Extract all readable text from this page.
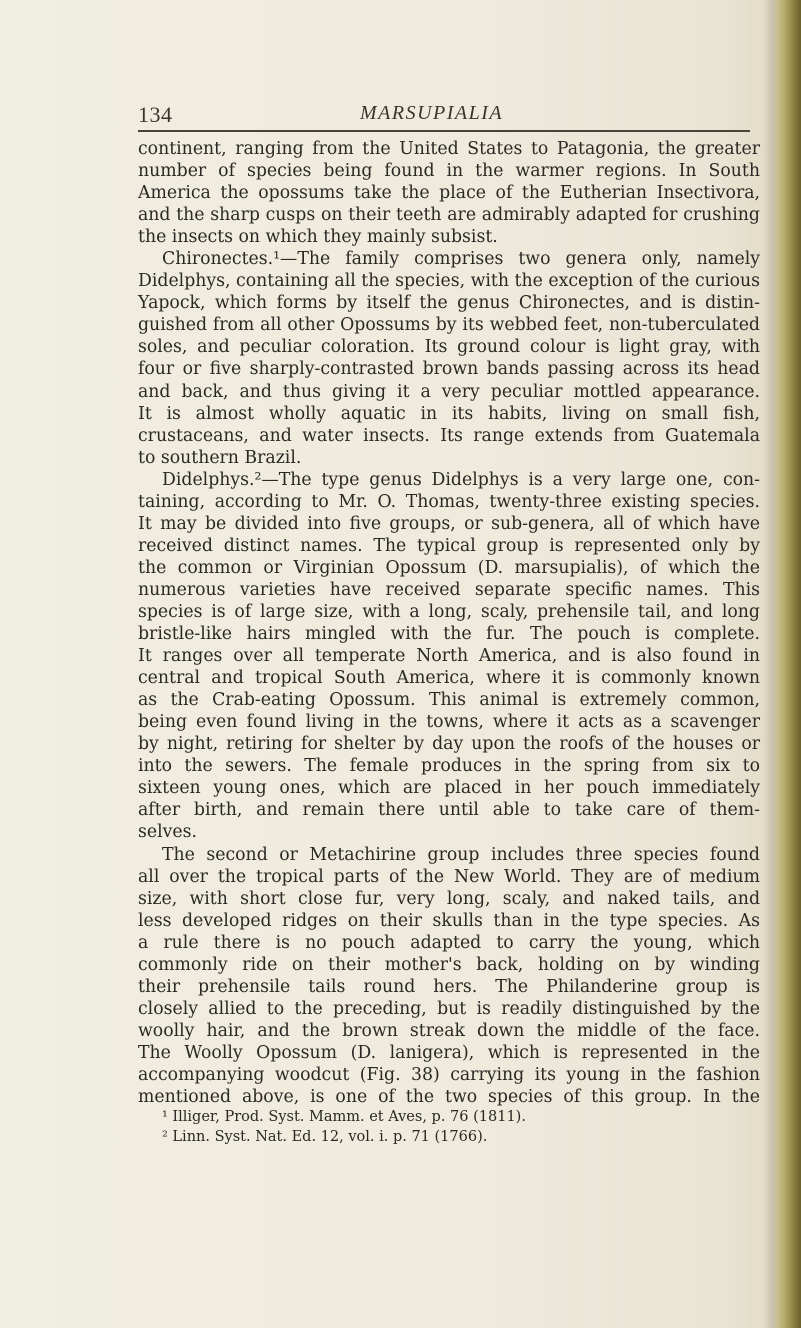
134	MARSUPIALIA
continent, ranging from the United States to Patagonia, the greater
number of species being found in the warmer regions. In South
America the opossums take the place of the Eutherian Insectivora,
and the sharp cusps on their teeth are admirably adapted for crushing
the insects on which they mainly subsist.
Chironectes.¹—The family comprises two genera only, namely
Didelphys, containing all the species, with the exception of the curious
Yapock, which forms by itself the genus Chironectes, and is distin-
guished from all other Opossums by its webbed feet, non-tuberculated
soles, and peculiar coloration. Its ground colour is light gray, with
four or five sharply-contrasted brown bands passing across its head
and back, and thus giving it a very peculiar mottled appearance.
It is almost wholly aquatic in its habits, living on small fish,
crustaceans, and water insects. Its range extends from Guatemala
to southern Brazil.
Didelphys.²—The type genus Didelphys is a very large one, con-
taining, according to Mr. O. Thomas, twenty-three existing species.
It may be divided into five groups, or sub-genera, all of which have
received distinct names. The typical group is represented only by
the common or Virginian Opossum (D. marsupialis), of which the
numerous varieties have received separate specific names. This
species is of large size, with a long, scaly, prehensile tail, and long
bristle-like hairs mingled with the fur. The pouch is complete.
It ranges over all temperate North America, and is also found in
central and tropical South America, where it is commonly known
as the Crab-eating Opossum. This animal is extremely common,
being even found living in the towns, where it acts as a scavenger
by night, retiring for shelter by day upon the roofs of the houses or
into the sewers. The female produces in the spring from six to
sixteen young ones, which are placed in her pouch immediately
after birth, and remain there until able to take care of them-
selves.
The second or Metachirine group includes three species found
all over the tropical parts of the New World. They are of medium
size, with short close fur, very long, scaly, and naked tails, and
less developed ridges on their skulls than in the type species. As
a rule there is no pouch adapted to carry the young, which
commonly ride on their mother's back, holding on by winding
their prehensile tails round hers. The Philanderine group is
closely allied to the preceding, but is readily distinguished by the
woolly hair, and the brown streak down the middle of the face.
The Woolly Opossum (D. lanigera), which is represented in the
accompanying woodcut (Fig. 38) carrying its young in the fashion
mentioned above, is one of the two species of this group. In the
¹ Illiger, Prod. Syst. Mamm. et Aves, p. 76 (1811).
² Linn. Syst. Nat. Ed. 12, vol. i. p. 71 (1766).
